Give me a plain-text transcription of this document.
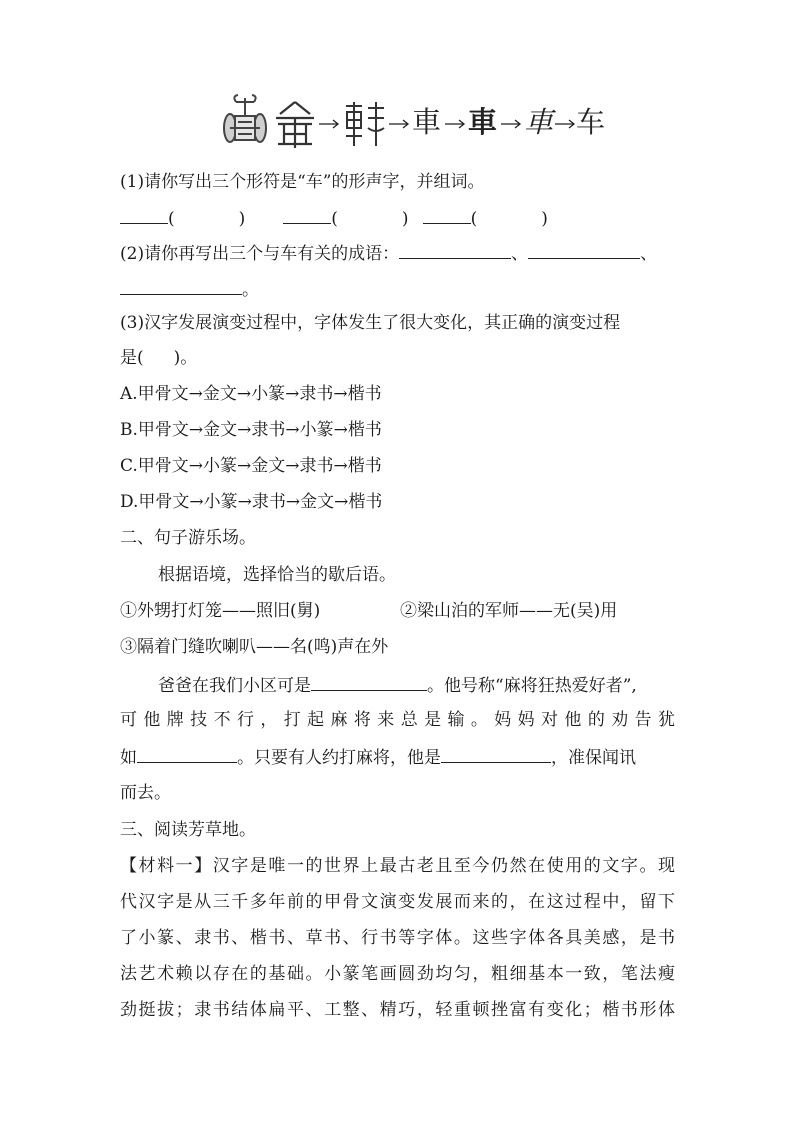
車 車 車 车
(1)请你写出三个形符是“车”的形声字，并组词。
(	)	(	)	(	)
(2)请你再写出三个与车有关的成语：	、	、
。
(3)汉字发展演变过程中，字体发生了很大变化，其正确的演变过程
是( )。
A.甲骨文→金文→小篆→隶书→楷书
B.甲骨文→金文→隶书→小篆→楷书
C.甲骨文→小篆→金文→隶书→楷书
D.甲骨文→小篆→隶书→金文→楷书
二、句子游乐场。
根据语境，选择恰当的歇后语。
①外甥打灯笼——照旧(舅)	②梁山泊的军师——无(吴)用
③隔着门缝吹喇叭——名(鸣)声在外
爸爸在我们小区可是	。他号称“麻将狂热爱好者”,
可他牌技不行，打起麻将来总是输。妈妈对他的劝告犹
如	。只要有人约打麻将，他是	，准保闻讯
而去。
三、阅读芳草地。
【材料一】汉字是唯一的世界上最古老且至今仍然在使用的文字。现
代汉字是从三千多年前的甲骨文演变发展而来的，在这过程中，留下
了小篆、隶书、楷书、草书、行书等字体。这些字体各具美感，是书
法艺术赖以存在的基础。小篆笔画圆劲均匀，粗细基本一致，笔法瘦
劲挺拔；隶书结体扁平、工整、精巧，轻重顿挫富有变化；楷书形体
